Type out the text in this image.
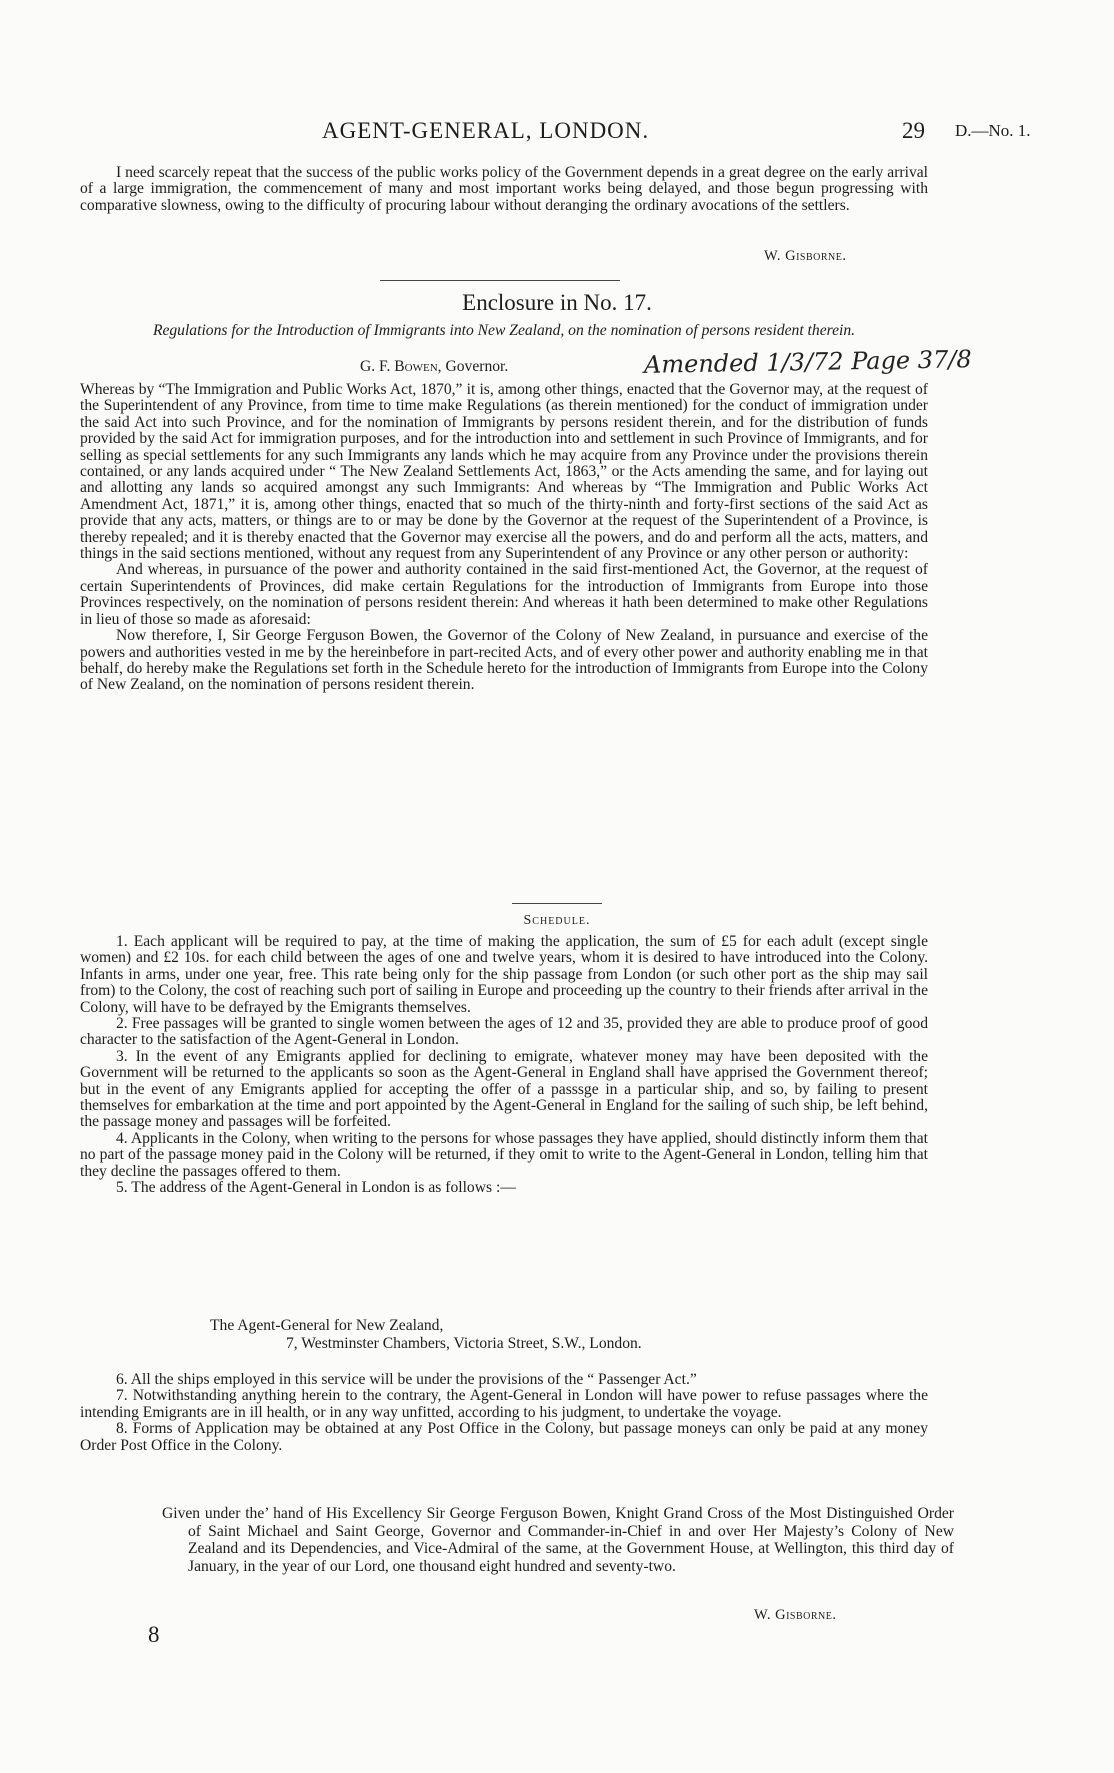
AGENT-GENERAL, LONDON.	29 D.—No. 1.

I need scarcely repeat that the success of the public works policy of the Government depends in a great degree on the early arrival of a large immigration, the commencement of many and most important works being delayed, and those begun progressing with comparative slowness, owing to the difficulty of procuring labour without deranging the ordinary avocations of the settlers.

W. Gisborne.
Enclosure in No. 17.
Regulations for the Introduction of Immigrants into New Zealand, on the nomination of persons resident therein.
G. F. Bowen, Governor.	Amended 1/3/72 Page 37/8

Whereas by “The Immigration and Public Works Act, 1870,” it is, among other things, enacted that the Governor may, at the request of the Superintendent of any Province, from time to time make Regulations (as therein mentioned) for the conduct of immigration under the said Act into such Province, and for the nomination of Immigrants by persons resident therein, and for the distribution of funds provided by the said Act for immigration purposes, and for the introduction into and settlement in such Province of Immigrants, and for selling as special settlements for any such Immigrants any lands which he may acquire from any Province under the provisions therein contained, or any lands acquired under “ The New Zealand Settlements Act, 1863,” or the Acts amending the same, and for laying out and allotting any lands so acquired amongst any such Immigrants: And whereas by “The Immigration and Public Works Act Amendment Act, 1871,” it is, among other things, enacted that so much of the thirty-ninth and forty-first sections of the said Act as provide that any acts, matters, or things are to or may be done by the Governor at the request of the Superintendent of a Province, is thereby repealed; and it is thereby enacted that the Governor may exercise all the powers, and do and perform all the acts, matters, and things in the said sections mentioned, without any request from any Superintendent of any Province or any other person or authority:

And whereas, in pursuance of the power and authority contained in the said first-mentioned Act, the Governor, at the request of certain Superintendents of Provinces, did make certain Regulations for the introduction of Immigrants from Europe into those Provinces respectively, on the nomination of persons resident therein: And whereas it hath been determined to make other Regulations in lieu of those so made as aforesaid:

Now therefore, I, Sir George Ferguson Bowen, the Governor of the Colony of New Zealand, in pursuance and exercise of the powers and authorities vested in me by the hereinbefore in part-recited Acts, and of every other power and authority enabling me in that behalf, do hereby make the Regulations set forth in the Schedule hereto for the introduction of Immigrants from Europe into the Colony of New Zealand, on the nomination of persons resident therein.

Schedule.

1. Each applicant will be required to pay, at the time of making the application, the sum of £5 for each adult (except single women) and £2 10s. for each child between the ages of one and twelve years, whom it is desired to have introduced into the Colony. Infants in arms, under one year, free. This rate being only for the ship passage from London (or such other port as the ship may sail from) to the Colony, the cost of reaching such port of sailing in Europe and proceeding up the country to their friends after arrival in the Colony, will have to be defrayed by the Emigrants themselves.

2. Free passages will be granted to single women between the ages of 12 and 35, provided they are able to produce proof of good character to the satisfaction of the Agent-General in London.

3. In the event of any Emigrants applied for declining to emigrate, whatever money may have been deposited with the Government will be returned to the applicants so soon as the Agent-General in England shall have apprised the Government thereof; but in the event of any Emigrants applied for accepting the offer of a passsge in a particular ship, and so, by failing to present themselves for embarkation at the time and port appointed by the Agent-General in England for the sailing of such ship, be left behind, the passage money and passages will be forfeited.

4. Applicants in the Colony, when writing to the persons for whose passages they have applied, should distinctly inform them that no part of the passage money paid in the Colony will be returned, if they omit to write to the Agent-General in London, telling him that they decline the passages offered to them.

5. The address of the Agent-General in London is as follows :—

The Agent-General for New Zealand,
7, Westminster Chambers, Victoria Street, S.W., London.

6. All the ships employed in this service will be under the provisions of the “ Passenger Act.”

7. Notwithstanding anything herein to the contrary, the Agent-General in London will have power to refuse passages where the intending Emigrants are in ill health, or in any way unfitted, according to his judgment, to undertake the voyage.

8. Forms of Application may be obtained at any Post Office in the Colony, but passage moneys can only be paid at any money Order Post Office in the Colony.

Given under the’ hand of His Excellency Sir George Ferguson Bowen, Knight Grand Cross of the Most Distinguished Order of Saint Michael and Saint George, Governor and Commander-in-Chief in and over Her Majesty’s Colony of New Zealand and its Dependencies, and Vice-Admiral of the same, at the Government House, at Wellington, this third day of January, in the year of our Lord, one thousand eight hundred and seventy-two.
W. Gisborne.
8
